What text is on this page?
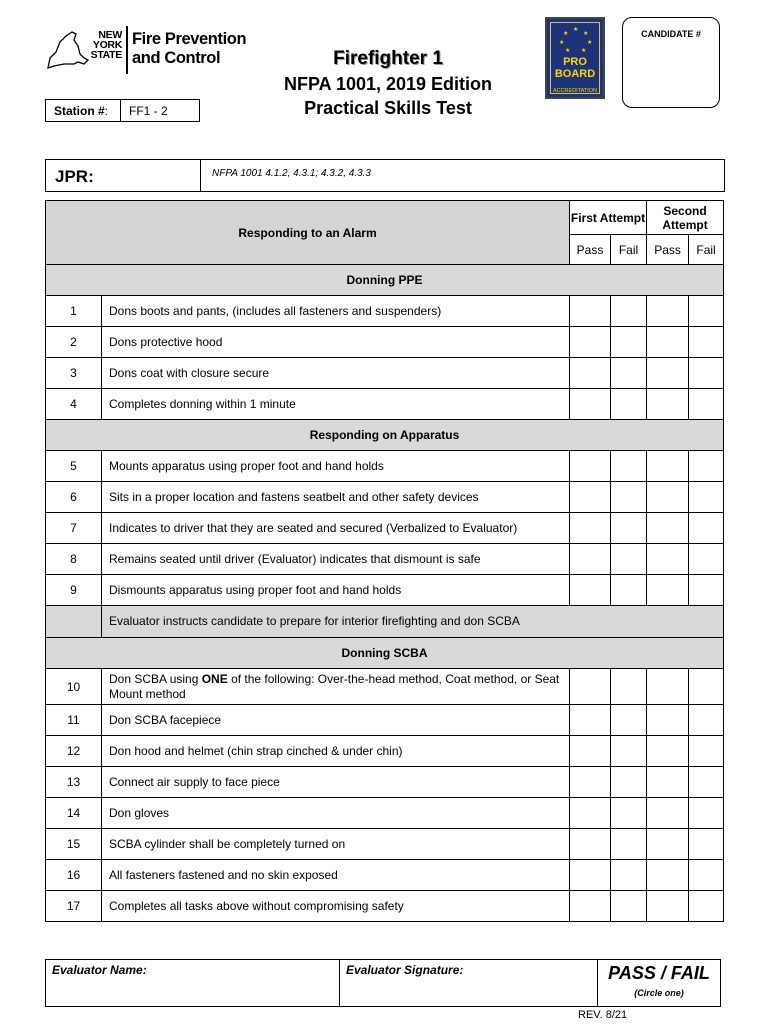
NEW
YORK
STATE
Fire Prevention
and Control	Firefighter 1
NFPA 1001, 2019 Edition
Practical Skills Test
Station #:	FF1 - 2
★
★ ★
★	★
★ ★
PRO
BOARD
ACCREDITATION
CANDIDATE #
JPR:	NFPA 1001 4.1.2, 4.3.1; 4.3.2, 4.3.3
Responding to an Alarm		First Attempt		Second Attempt	
		Pass	Fail	Pass	Fail
Donning PPE					
1	Dons boots and pants, (includes all fasteners and suspenders)				
2	Dons protective hood				
3	Dons coat with closure secure				
4	Completes donning within 1 minute				
Responding on Apparatus					
5	Mounts apparatus using proper foot and hand holds				
6	Sits in a proper location and fastens seatbelt and other safety devices				
7	Indicates to driver that they are seated and secured (Verbalized to Evaluator)				
8	Remains seated until driver (Evaluator) indicates that dismount is safe				
9	Dismounts apparatus using proper foot and hand holds				
	Evaluator instructs candidate to prepare for interior firefighting and don SCBA				
Donning SCBA					
10	Don SCBA using ONE of the following: Over-the-head method, Coat method, or Seat Mount method				
11	Don SCBA facepiece				
12	Don hood and helmet (chin strap cinched & under chin)				
13	Connect air supply to face piece				
14	Don gloves				
15	SCBA cylinder shall be completely turned on				
16	All fasteners fastened and no skin exposed				
17	Completes all tasks above without compromising safety				
Evaluator Name:	Evaluator Signature:	PASS / FAIL
(Circle one)
REV. 8/21
